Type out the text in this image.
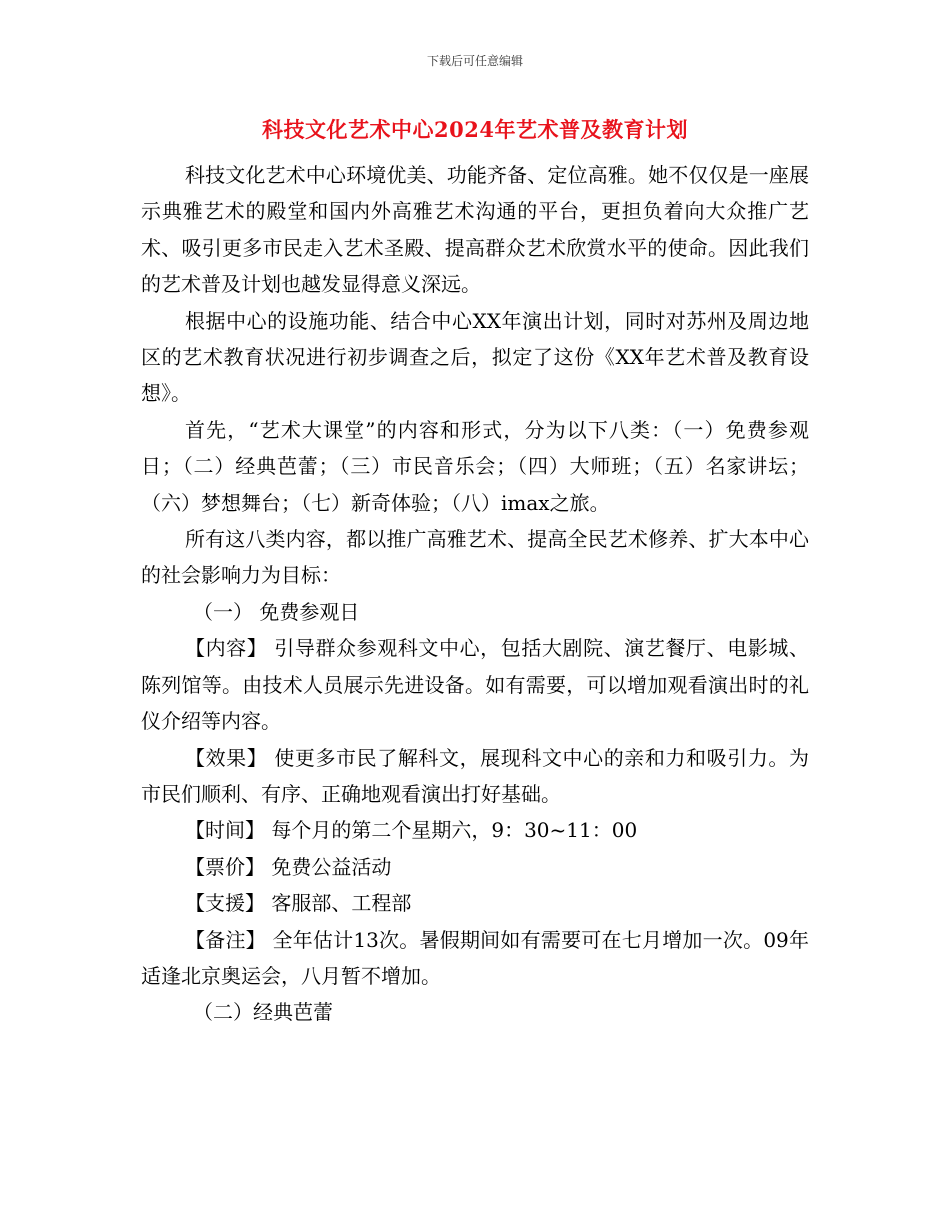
下载后可任意编辑
科技文化艺术中心2024年艺术普及教育计划

科技文化艺术中心环境优美、功能齐备、定位高雅。她不仅仅是一座展示典雅艺术的殿堂和国内外高雅艺术沟通的平台，更担负着向大众推广艺术、吸引更多市民走入艺术圣殿、提高群众艺术欣赏水平的使命。因此我们的艺术普及计划也越发显得意义深远。

根据中心的设施功能、结合中心XX年演出计划，同时对苏州及周边地区的艺术教育状况进行初步调查之后，拟定了这份《XX年艺术普及教育设想》。

首先，“艺术大课堂”的内容和形式，分为以下八类：（一）免费参观日；（二）经典芭蕾；（三）市民音乐会；（四）大师班；（五）名家讲坛；（六）梦想舞台；（七）新奇体验；（八）imax之旅。

所有这八类内容，都以推广高雅艺术、提高全民艺术修养、扩大本中心的社会影响力为目标：

（一） 免费参观日

【内容】 引导群众参观科文中心，包括大剧院、演艺餐厅、电影城、陈列馆等。由技术人员展示先进设备。如有需要，可以增加观看演出时的礼仪介绍等内容。

【效果】 使更多市民了解科文，展现科文中心的亲和力和吸引力。为市民们顺利、有序、正确地观看演出打好基础。

【时间】 每个月的第二个星期六，9：30~11：00

【票价】 免费公益活动

【支援】 客服部、工程部

【备注】 全年估计13次。暑假期间如有需要可在七月增加一次。09年适逢北京奥运会，八月暂不增加。

（二）经典芭蕾
